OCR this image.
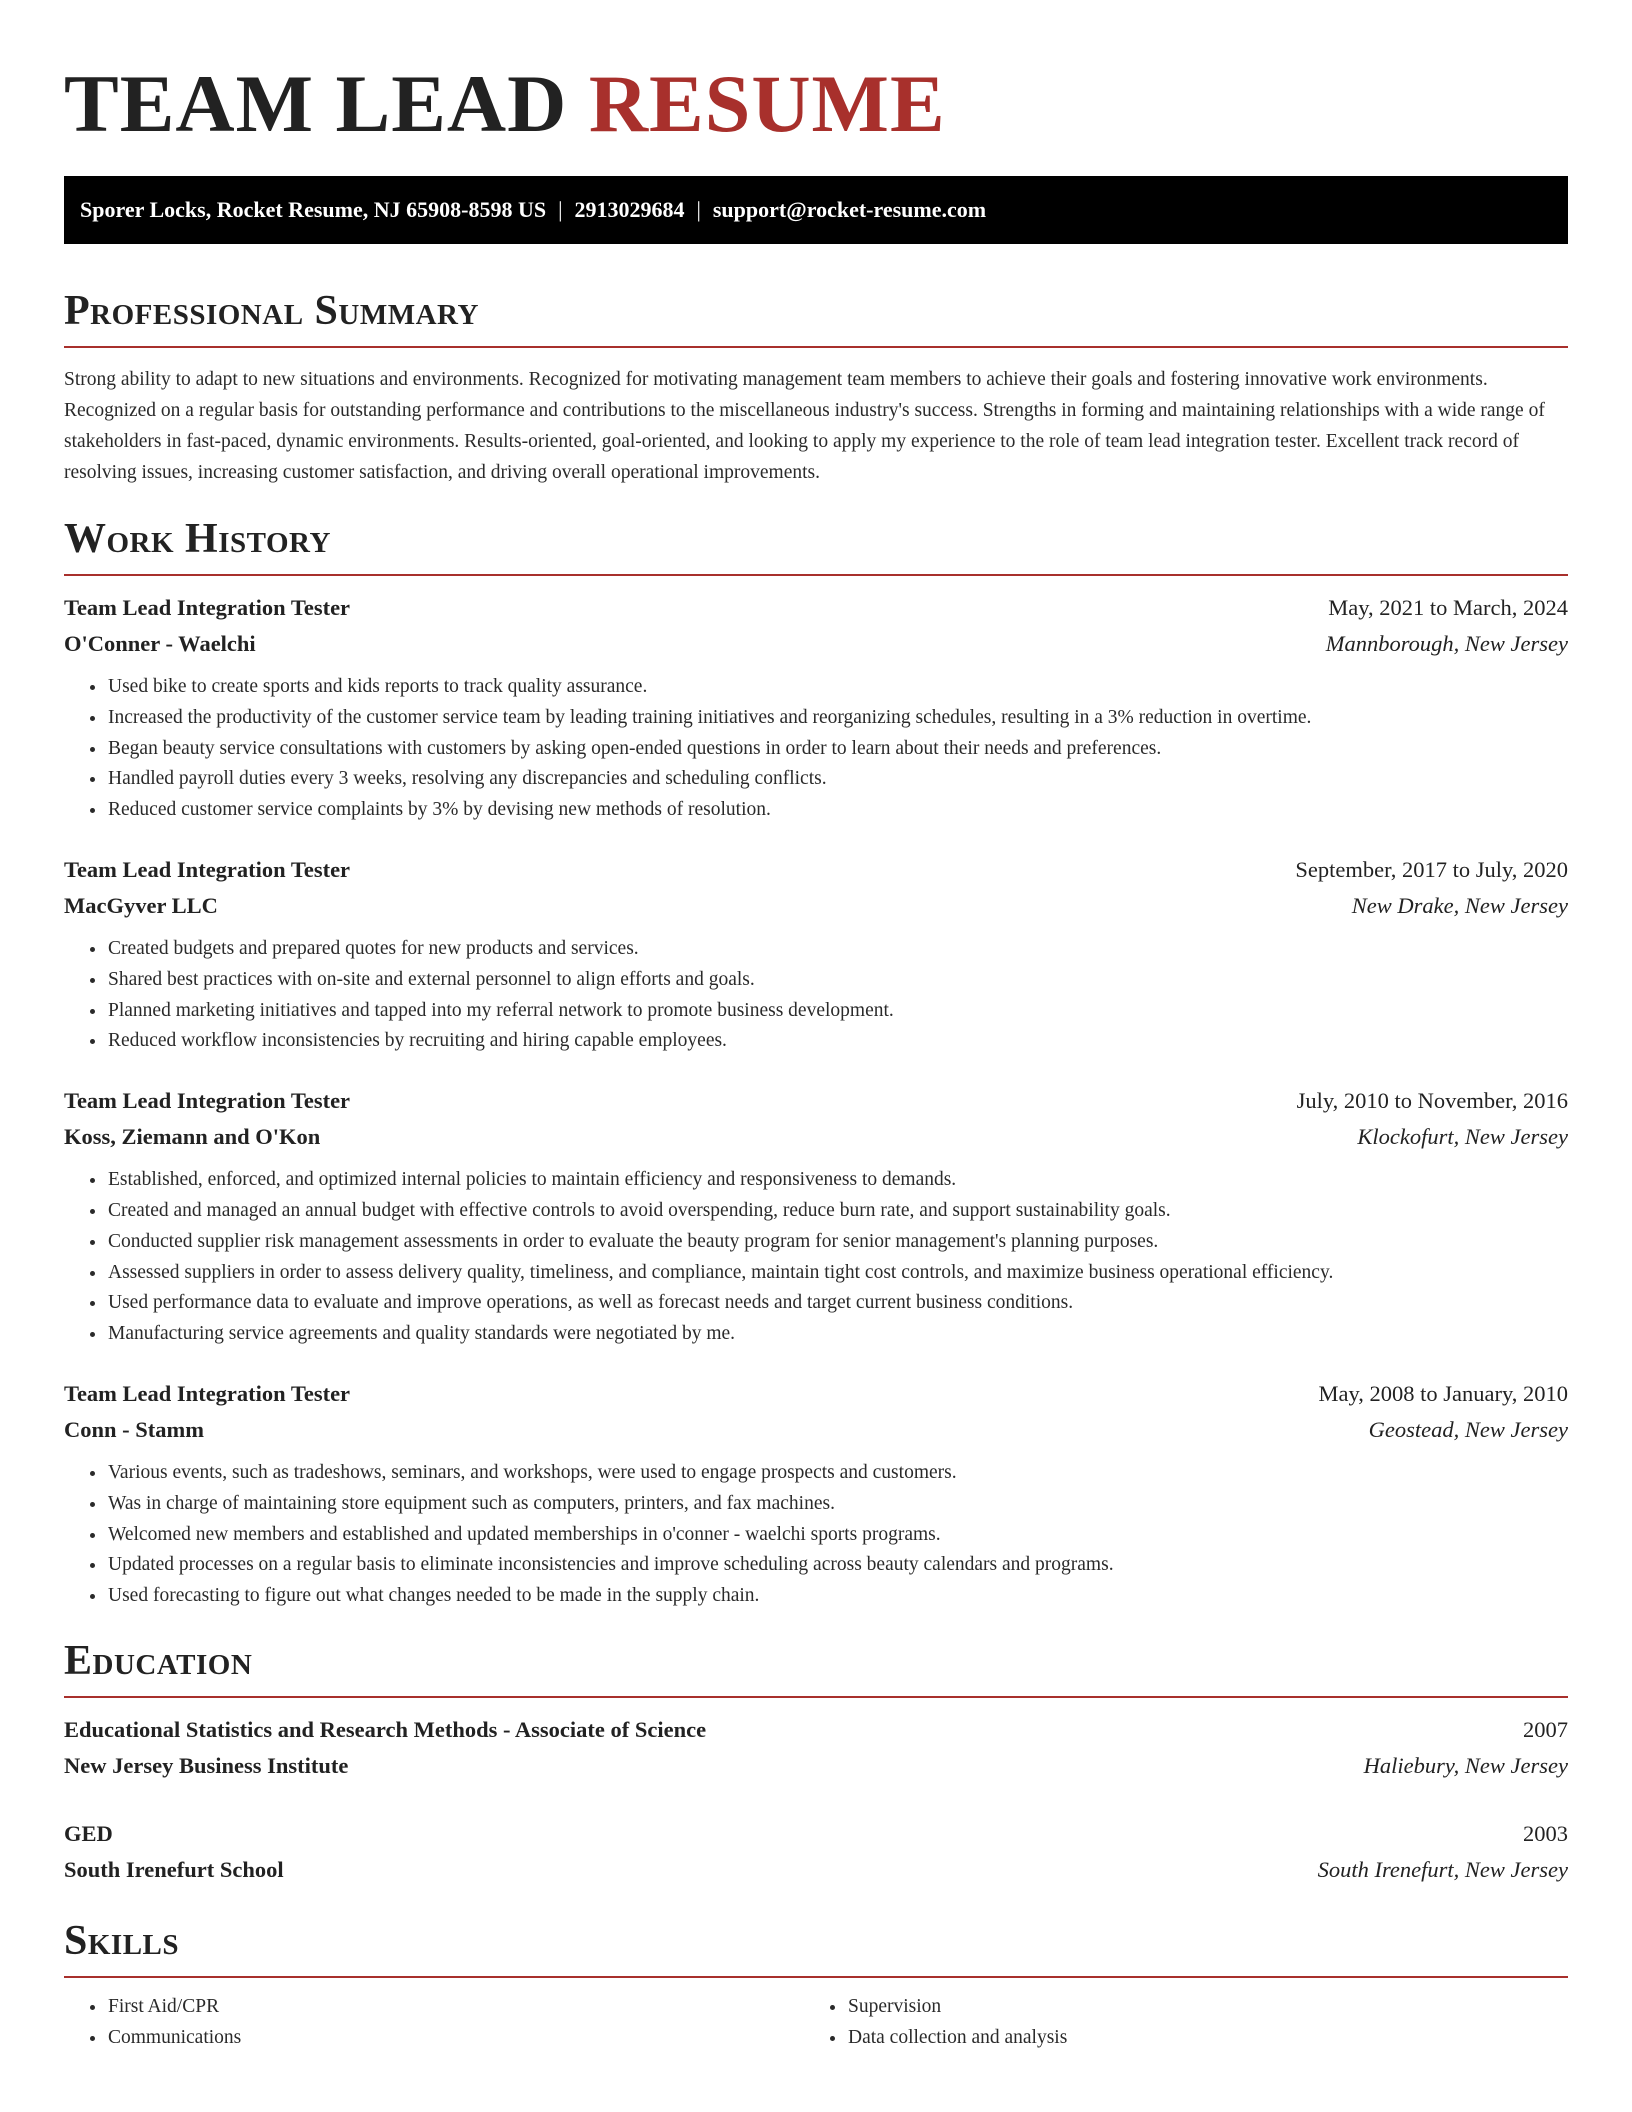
TEAM LEAD RESUME
Sporer Locks, Rocket Resume, NJ 65908-8598 US | 2913029684 | support@rocket-resume.com
Professional Summary

Strong ability to adapt to new situations and environments. Recognized for motivating management team members to achieve their goals and fostering innovative work environments. Recognized on a regular basis for outstanding performance and contributions to the miscellaneous industry's success. Strengths in forming and maintaining relationships with a wide range of stakeholders in fast-paced, dynamic environments. Results-oriented, goal-oriented, and looking to apply my experience to the role of team lead integration tester. Excellent track record of resolving issues, increasing customer satisfaction, and driving overall operational improvements.

Work History
Team Lead Integration Tester	May, 2021 to March, 2024
O'Conner - Waelchi	Mannborough, New Jersey
• Used bike to create sports and kids reports to track quality assurance.
• Increased the productivity of the customer service team by leading training initiatives and reorganizing schedules, resulting in a 3% reduction in overtime.
• Began beauty service consultations with customers by asking open-ended questions in order to learn about their needs and preferences.
• Handled payroll duties every 3 weeks, resolving any discrepancies and scheduling conflicts.
• Reduced customer service complaints by 3% by devising new methods of resolution.
Team Lead Integration Tester	September, 2017 to July, 2020
MacGyver LLC	New Drake, New Jersey
• Created budgets and prepared quotes for new products and services.
• Shared best practices with on-site and external personnel to align efforts and goals.
• Planned marketing initiatives and tapped into my referral network to promote business development.
• Reduced workflow inconsistencies by recruiting and hiring capable employees.
Team Lead Integration Tester	July, 2010 to November, 2016
Koss, Ziemann and O'Kon	Klockofurt, New Jersey
• Established, enforced, and optimized internal policies to maintain efficiency and responsiveness to demands.
• Created and managed an annual budget with effective controls to avoid overspending, reduce burn rate, and support sustainability goals.
• Conducted supplier risk management assessments in order to evaluate the beauty program for senior management's planning purposes.
• Assessed suppliers in order to assess delivery quality, timeliness, and compliance, maintain tight cost controls, and maximize business operational efficiency.
• Used performance data to evaluate and improve operations, as well as forecast needs and target current business conditions.
• Manufacturing service agreements and quality standards were negotiated by me.
Team Lead Integration Tester	May, 2008 to January, 2010
Conn - Stamm	Geostead, New Jersey
• Various events, such as tradeshows, seminars, and workshops, were used to engage prospects and customers.
• Was in charge of maintaining store equipment such as computers, printers, and fax machines.
• Welcomed new members and established and updated memberships in o'conner - waelchi sports programs.
• Updated processes on a regular basis to eliminate inconsistencies and improve scheduling across beauty calendars and programs.
• Used forecasting to figure out what changes needed to be made in the supply chain.
Education
Educational Statistics and Research Methods - Associate of Science	2007
New Jersey Business Institute	Haliebury, New Jersey
GED	2003
South Irenefurt School	South Irenefurt, New Jersey
Skills
• First Aid/CPR
• Communications
• Supervision
• Data collection and analysis
